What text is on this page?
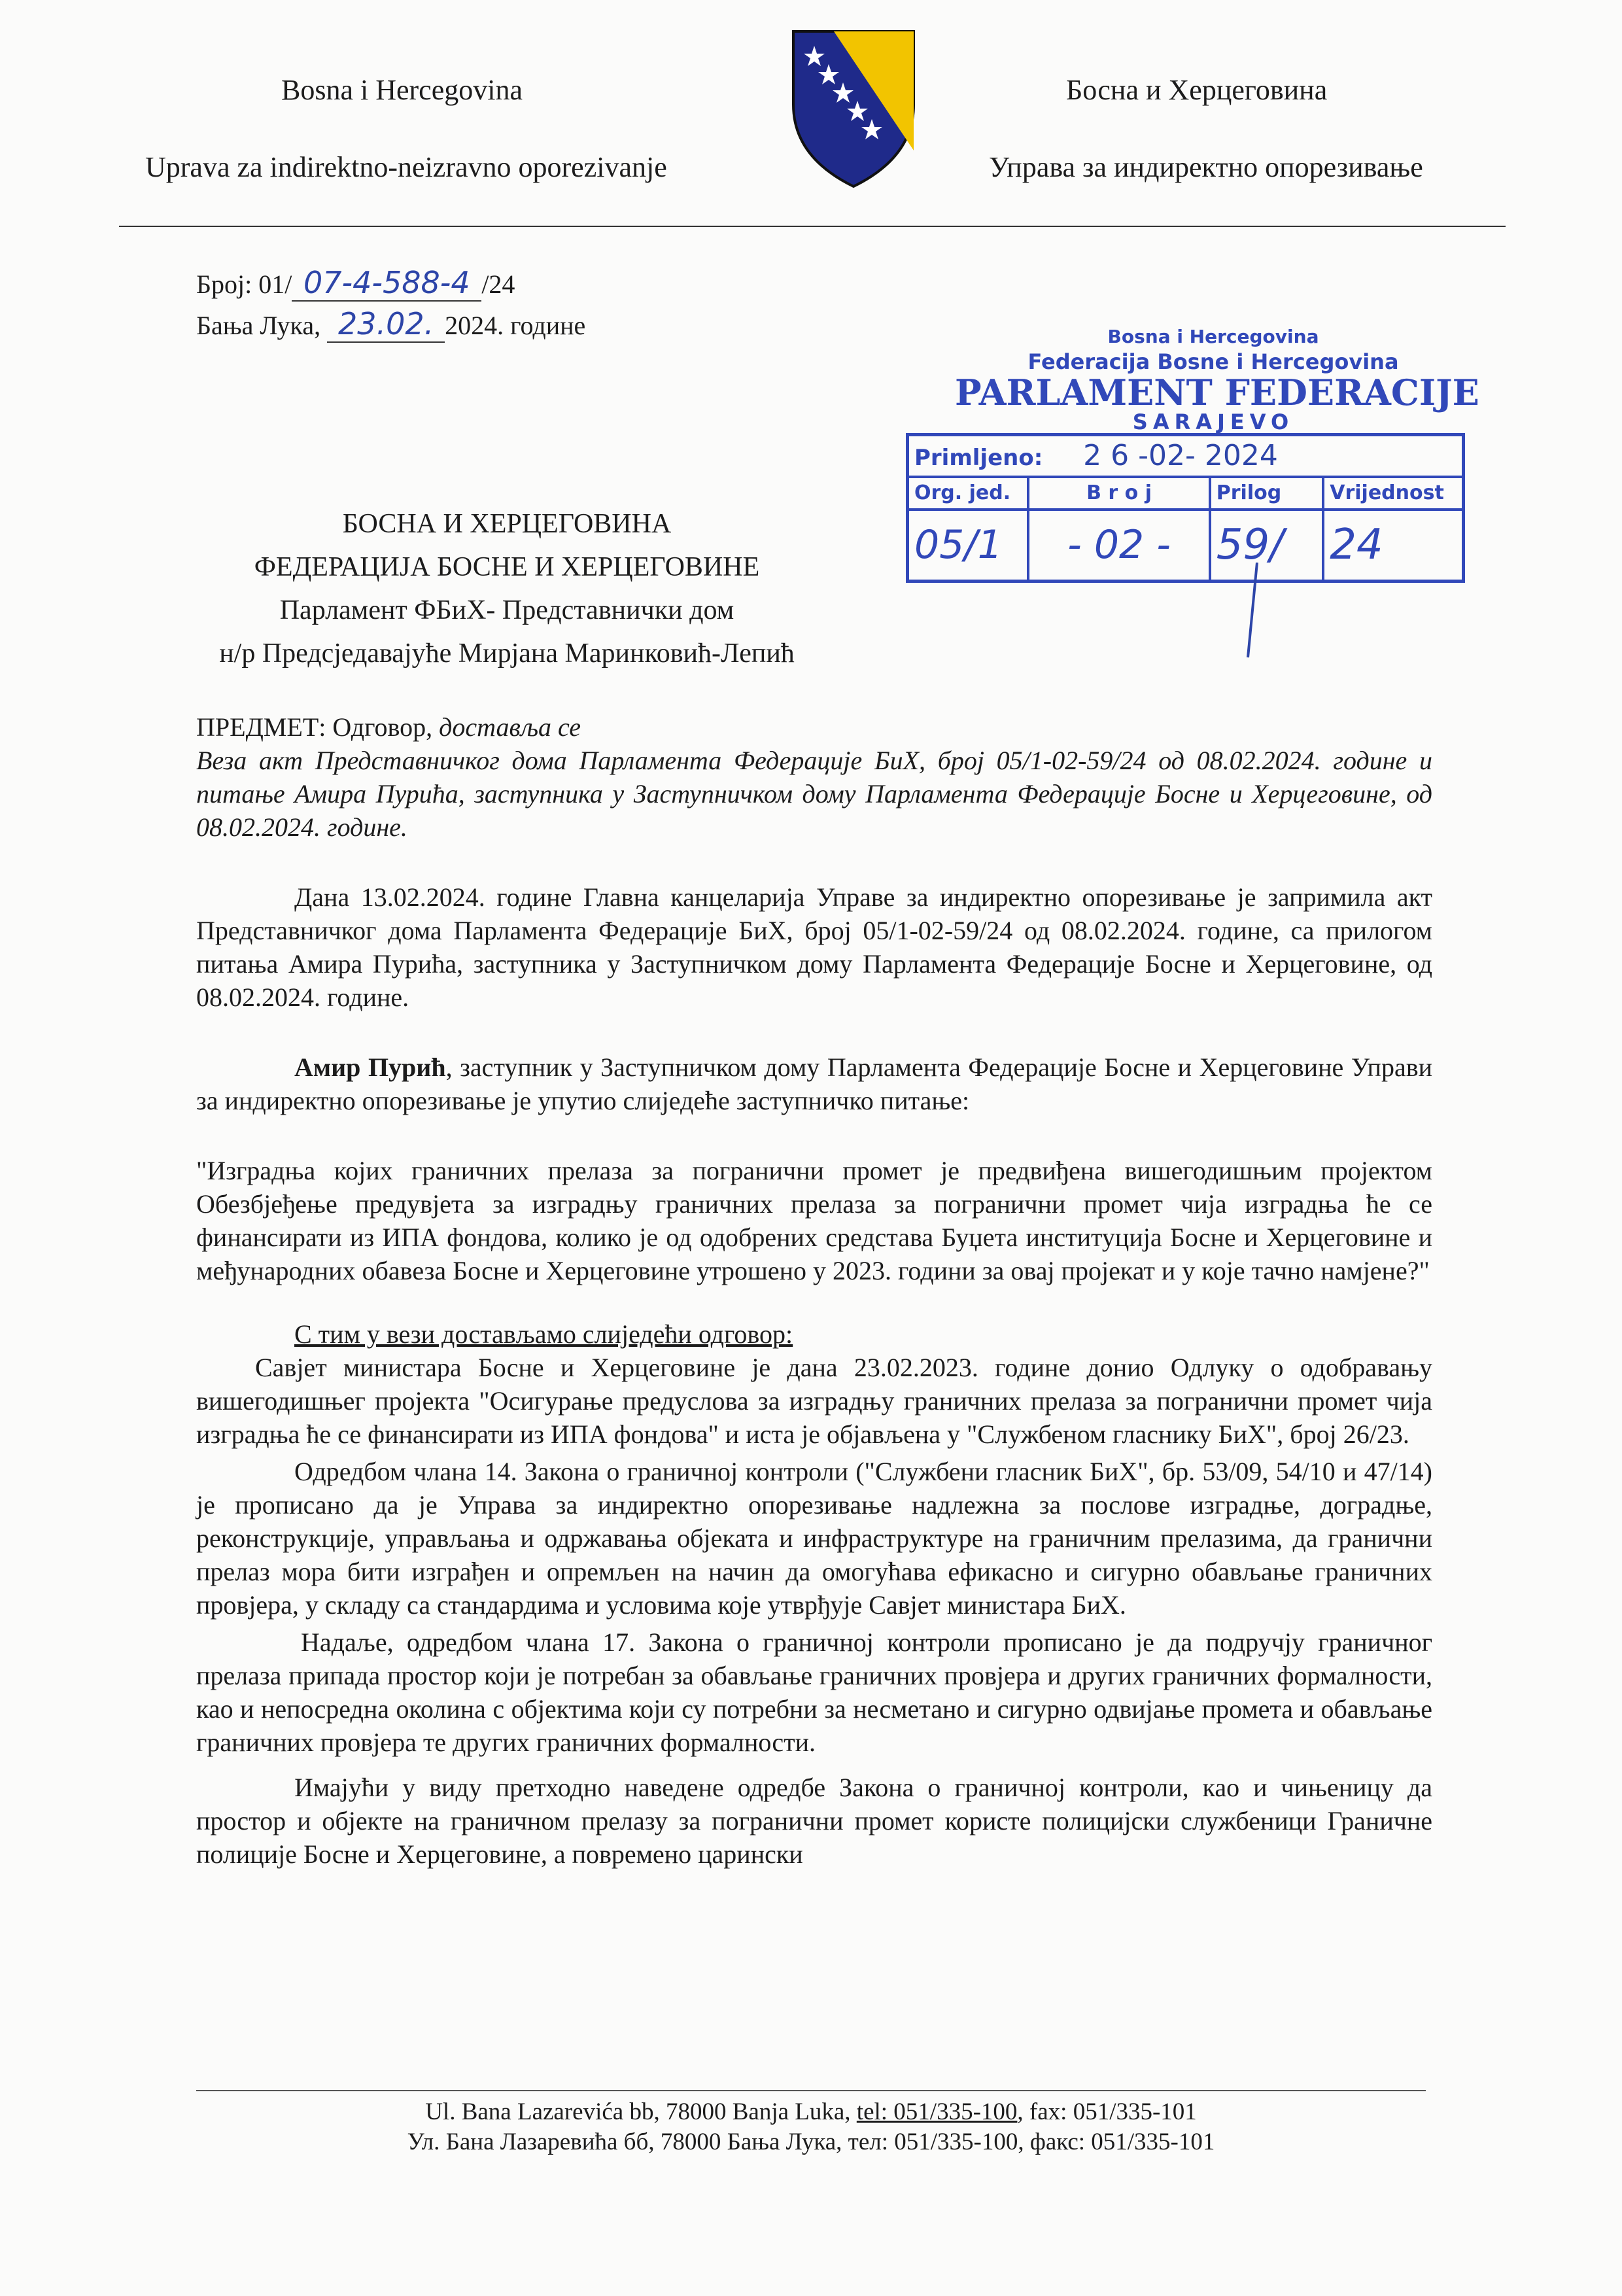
Bosna i Hercegovina
Uprava za indirektno-neizravno oporezivanje
Босна и Херцеговина
Управа за индиректно опорезивање
Број: 01/ 07-4-588-4 /24
Бања Лука, 23.02. 2024. године	Bosna i Hercegovina
Federacija Bosne i Hercegovina
PARLAMENT FEDERACIJE
SARAJEVO
Primljeno: 2 6 -02- 2024			
Org. jed.	B r o j	Prilog	Vrijednost
05/1	- 02 -	59/	24
БОСНА И ХЕРЦЕГОВИНА
ФЕДЕРАЦИЈА БОСНЕ И ХЕРЦЕГОВИНЕ
Парламент ФБиХ- Представнички дом
н/р Предсједавајуће Мирјана Маринковић-Лепић

ПРЕДМЕТ: Одговор, доставља се

Веза акт Представничког дома Парламента Федерације БиХ, број 05/1-02-59/24 од 08.02.2024. године и питање Амира Пурића, заступника у Заступничком дому Парламента Федерације Босне и Херцеговине, од 08.02.2024. године.

Дана 13.02.2024. године Главна канцеларија Управе за индиректно опорезивање је запримила акт Представничког дома Парламента Федерације БиХ, број 05/1-02-59/24 од 08.02.2024. године, са прилогом питања Амира Пурића, заступника у Заступничком дому Парламента Федерације Босне и Херцеговине, од 08.02.2024. године.

Амир Пурић, заступник у Заступничком дому Парламента Федерације Босне и Херцеговине Управи за индиректно опорезивање је упутио слиједеће заступничко питање:

"Изградња којих граничних прелаза за погранични промет је предвиђена вишегодишњим пројектом Обезбјеђење предувјета за изградњу граничних прелаза за погранични промет чија изградња ће се финансирати из ИПА фондова, колико је од одобрених средстава Буџета институција Босне и Херцеговине и међународних обавеза Босне и Херцеговине утрошено у 2023. години за овај пројекат и у које тачно намјене?"

С тим у вези достављамо слиједећи одговор:

Савјет министара Босне и Херцеговине је дана 23.02.2023. године донио Одлуку о одобравању вишегодишњег пројекта "Осигурање предуслова за изградњу граничних прелаза за погранични промет чија изградња ће се финансирати из ИПА фондова" и иста је објављена у "Службеном гласнику БиХ", број 26/23.

Одредбом члана 14. Закона о граничној контроли ("Службени гласник БиХ", бр. 53/09, 54/10 и 47/14) је прописано да је Управа за индиректно опорезивање надлежна за послове изградње, доградње, реконструкције, управљања и одржавања објеката и инфраструктуре на граничним прелазима, да гранични прелаз мора бити изграђен и опремљен на начин да омогућава ефикасно и сигурно обављање граничних провјера, у складу са стандардима и условима које утврђује Савјет министара БиХ.

Надаље, одредбом члана 17. Закона о граничној контроли прописано је да подручју граничног прелаза припада простор који је потребан за обављање граничних провјера и других граничних формалности, као и непосредна околина с објектима који су потребни за несметано и сигурно одвијање промета и обављање граничних провјера те других граничних формалности.

Имајући у виду претходно наведене одредбе Закона о граничној контроли, као и чињеницу да простор и објекте на граничном прелазу за погранични промет користе полицијски службеници Граничне полиције Босне и Херцеговине, а повремено царински

Ul. Bana Lazarevića bb, 78000 Banja Luka, tel: 051/335-100, fax: 051/335-101
Ул. Бана Лазаревића бб, 78000 Бања Лука, тел: 051/335-100, факс: 051/335-101
